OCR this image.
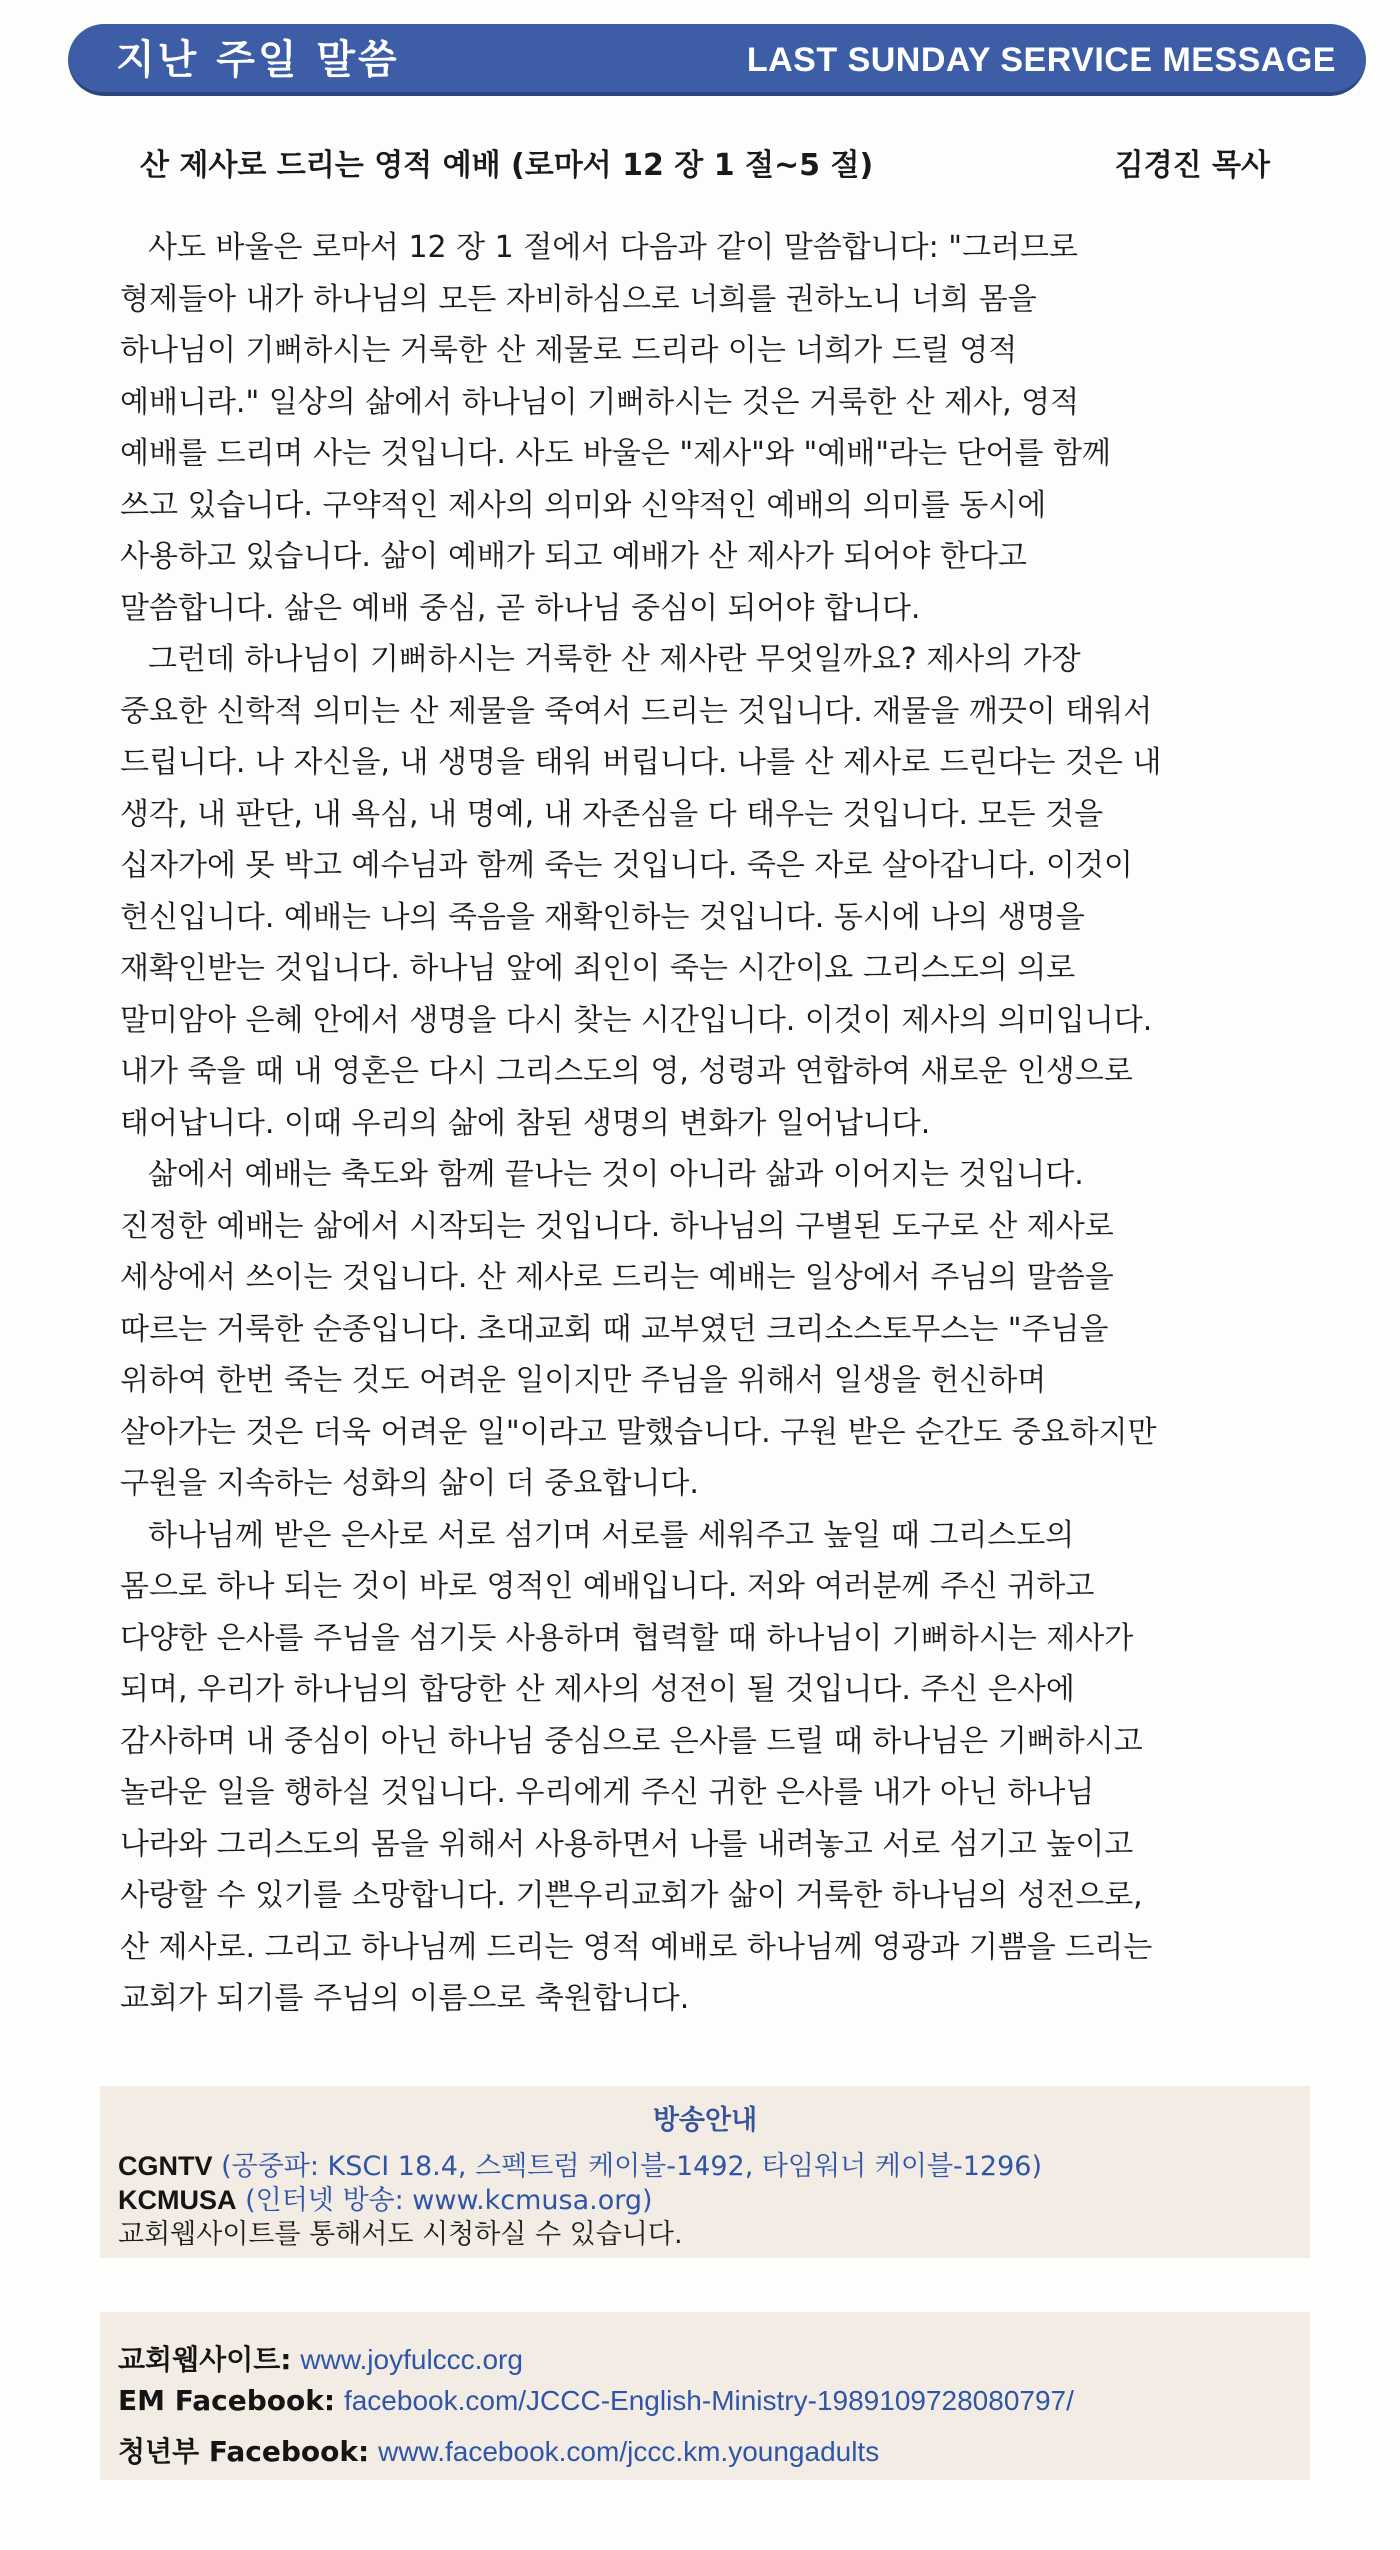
지난 주일 말씀	LAST SUNDAY SERVICE MESSAGE
산 제사로 드리는 영적 예배 (로마서 12 장 1 절~5 절)	김경진 목사

사도 바울은 로마서 12 장 1 절에서 다음과 같이 말씀합니다: "그러므로
형제들아 내가 하나님의 모든 자비하심으로 너희를 권하노니 너희 몸을
하나님이 기뻐하시는 거룩한 산 제물로 드리라 이는 너희가 드릴 영적
예배니라." 일상의 삶에서 하나님이 기뻐하시는 것은 거룩한 산 제사, 영적
예배를 드리며 사는 것입니다. 사도 바울은 "제사"와 "예배"라는 단어를 함께
쓰고 있습니다. 구약적인 제사의 의미와 신약적인 예배의 의미를 동시에
사용하고 있습니다. 삶이 예배가 되고 예배가 산 제사가 되어야 한다고
말씀합니다. 삶은 예배 중심, 곧 하나님 중심이 되어야 합니다.

그런데 하나님이 기뻐하시는 거룩한 산 제사란 무엇일까요? 제사의 가장
중요한 신학적 의미는 산 제물을 죽여서 드리는 것입니다. 재물을 깨끗이 태워서
드립니다. 나 자신을, 내 생명을 태워 버립니다. 나를 산 제사로 드린다는 것은 내
생각, 내 판단, 내 욕심, 내 명예, 내 자존심을 다 태우는 것입니다. 모든 것을
십자가에 못 박고 예수님과 함께 죽는 것입니다. 죽은 자로 살아갑니다. 이것이
헌신입니다. 예배는 나의 죽음을 재확인하는 것입니다. 동시에 나의 생명을
재확인받는 것입니다. 하나님 앞에 죄인이 죽는 시간이요 그리스도의 의로
말미암아 은혜 안에서 생명을 다시 찾는 시간입니다. 이것이 제사의 의미입니다.
내가 죽을 때 내 영혼은 다시 그리스도의 영, 성령과 연합하여 새로운 인생으로
태어납니다. 이때 우리의 삶에 참된 생명의 변화가 일어납니다.

삶에서 예배는 축도와 함께 끝나는 것이 아니라 삶과 이어지는 것입니다.
진정한 예배는 삶에서 시작되는 것입니다. 하나님의 구별된 도구로 산 제사로
세상에서 쓰이는 것입니다. 산 제사로 드리는 예배는 일상에서 주님의 말씀을
따르는 거룩한 순종입니다. 초대교회 때 교부였던 크리소스토무스는 "주님을
위하여 한번 죽는 것도 어려운 일이지만 주님을 위해서 일생을 헌신하며
살아가는 것은 더욱 어려운 일"이라고 말했습니다. 구원 받은 순간도 중요하지만
구원을 지속하는 성화의 삶이 더 중요합니다.

하나님께 받은 은사로 서로 섬기며 서로를 세워주고 높일 때 그리스도의
몸으로 하나 되는 것이 바로 영적인 예배입니다. 저와 여러분께 주신 귀하고
다양한 은사를 주님을 섬기듯 사용하며 협력할 때 하나님이 기뻐하시는 제사가
되며, 우리가 하나님의 합당한 산 제사의 성전이 될 것입니다. 주신 은사에
감사하며 내 중심이 아닌 하나님 중심으로 은사를 드릴 때 하나님은 기뻐하시고
놀라운 일을 행하실 것입니다. 우리에게 주신 귀한 은사를 내가 아닌 하나님
나라와 그리스도의 몸을 위해서 사용하면서 나를 내려놓고 서로 섬기고 높이고
사랑할 수 있기를 소망합니다. 기쁜우리교회가 삶이 거룩한 하나님의 성전으로,
산 제사로. 그리고 하나님께 드리는 영적 예배로 하나님께 영광과 기쁨을 드리는
교회가 되기를 주님의 이름으로 축원합니다.

방송안내
CGNTV (공중파: KSCI 18.4, 스펙트럼 케이블-1492, 타임워너 케이블-1296)
KCMUSA (인터넷 방송: www.kcmusa.org)
교회웹사이트를 통해서도 시청하실 수 있습니다.
교회웹사이트: www.joyfulccc.org
EM Facebook: facebook.com/JCCC-English-Ministry-1989109728080797/
청년부 Facebook: www.facebook.com/jccc.km.youngadults
